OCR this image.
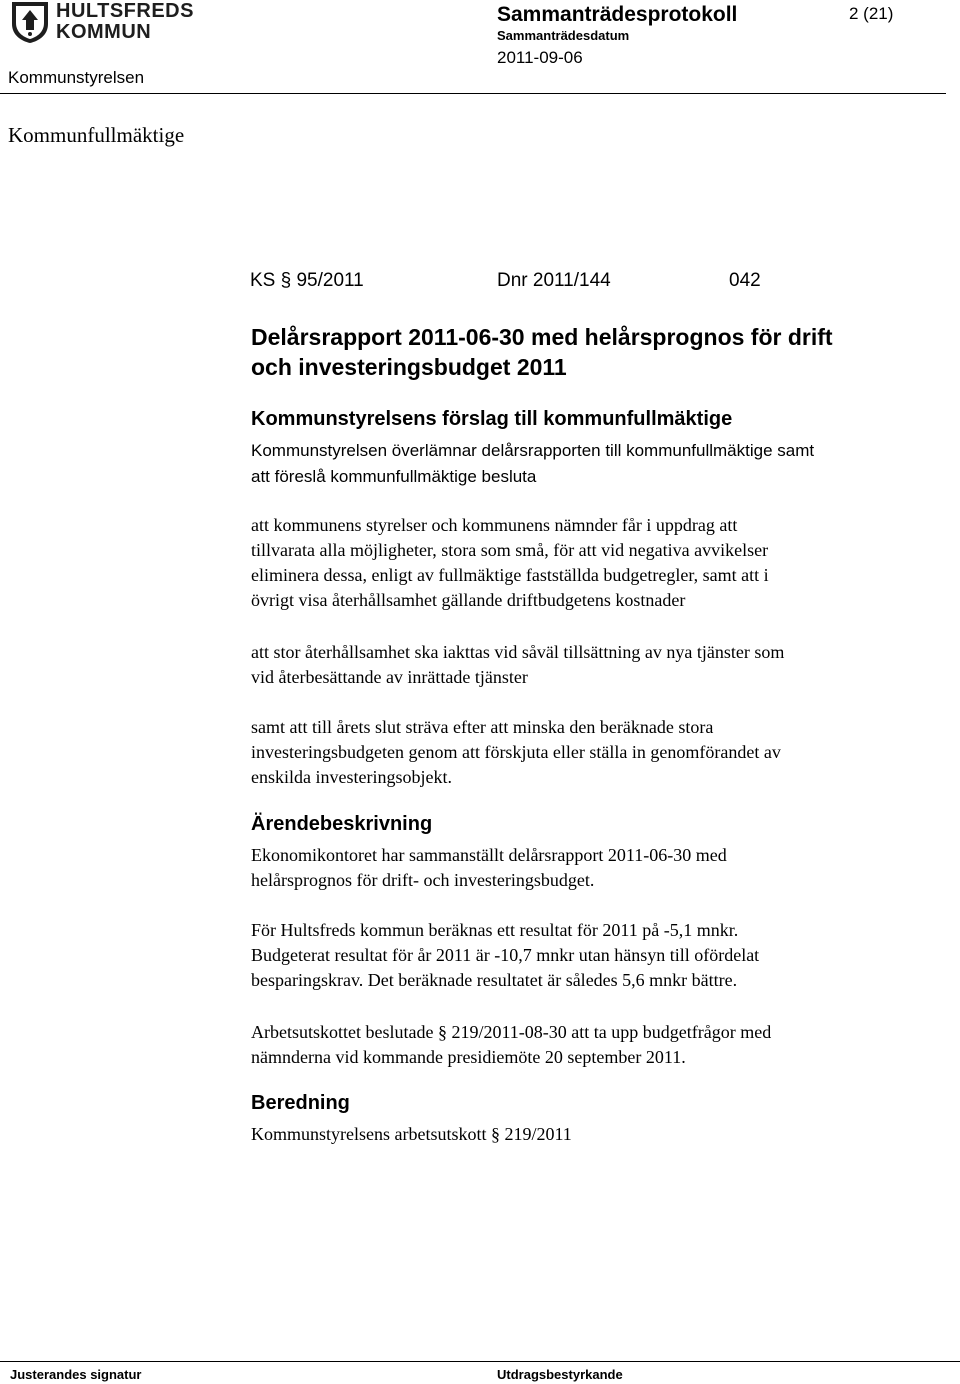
HULTSFREDS
KOMMUN
Sammanträdesprotokoll	2 (21)
Sammanträdesdatum
2011-09-06
Kommunstyrelsen
Kommunfullmäktige
KS § 95/2011	Dnr 2011/144	042
Delårsrapport 2011-06-30 med helårsprognos för drift
och investeringsbudget 2011
Kommunstyrelsens förslag till kommunfullmäktige
Kommunstyrelsen överlämnar delårsrapporten till kommunfullmäktige samt
att föreslå kommunfullmäktige besluta
att kommunens styrelser och kommunens nämnder får i uppdrag att
tillvarata alla möjligheter, stora som små, för att vid negativa avvikelser
eliminera dessa, enligt av fullmäktige fastställda budgetregler, samt att i
övrigt visa återhållsamhet gällande driftbudgetens kostnader
att stor återhållsamhet ska iakttas vid såväl tillsättning av nya tjänster som
vid återbesättande av inrättade tjänster
samt att till årets slut sträva efter att minska den beräknade stora
investeringsbudgeten genom att förskjuta eller ställa in genomförandet av
enskilda investeringsobjekt.
Ärendebeskrivning
Ekonomikontoret har sammanställt delårsrapport 2011-06-30 med
helårsprognos för drift- och investeringsbudget.
För Hultsfreds kommun beräknas ett resultat för 2011 på -5,1 mnkr.
Budgeterat resultat för år 2011 är -10,7 mnkr utan hänsyn till ofördelat
besparingskrav. Det beräknade resultatet är således 5,6 mnkr bättre.
Arbetsutskottet beslutade § 219/2011-08-30 att ta upp budgetfrågor med
nämnderna vid kommande presidiemöte 20 september 2011.
Beredning
Kommunstyrelsens arbetsutskott § 219/2011
Justerandes signatur	Utdragsbestyrkande
